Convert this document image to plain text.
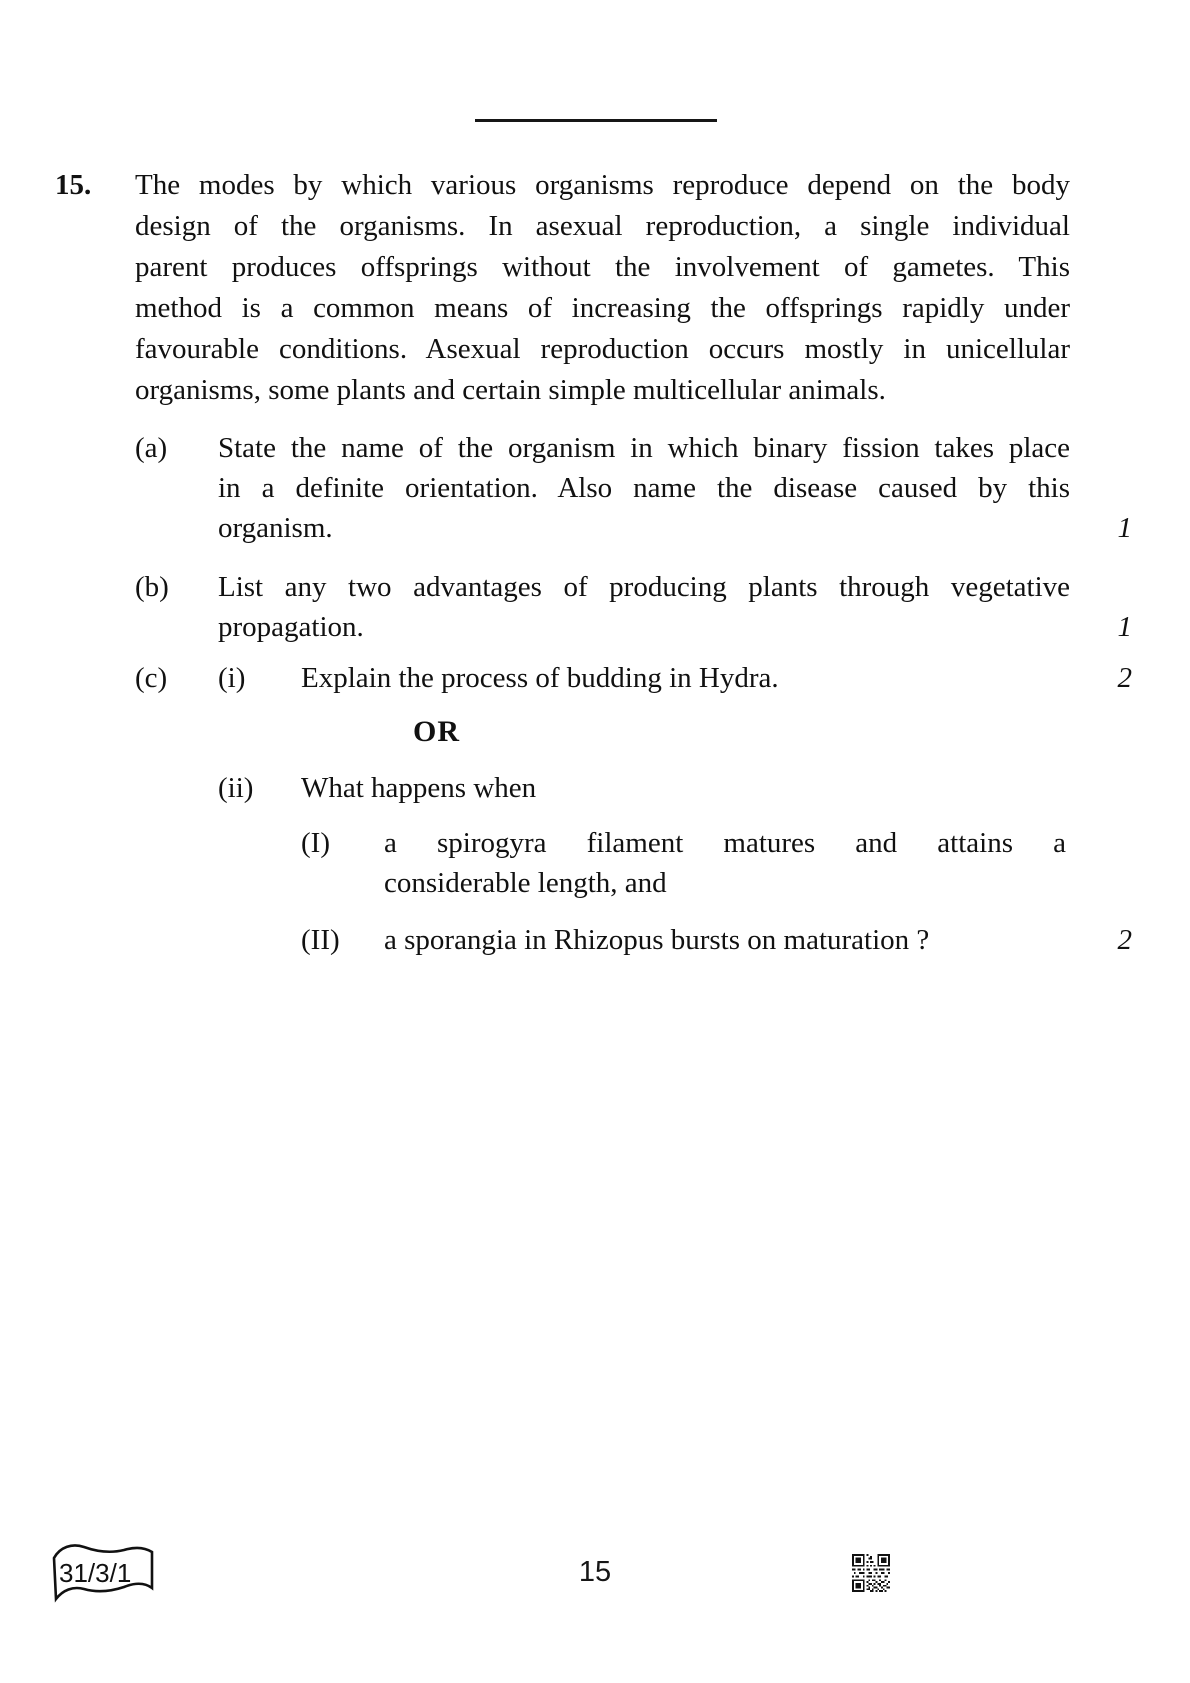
15. The modes by which various organisms reproduce depend on the body
design of the organisms. In asexual reproduction, a single individual
parent produces offsprings without the involvement of gametes. This
method is a common means of increasing the offsprings rapidly under
favourable conditions. Asexual reproduction occurs mostly in unicellular
organisms, some plants and certain simple multicellular animals.
(a) State the name of the organism in which binary fission takes place
in a definite orientation. Also name the disease caused by this
organism.	1
(b) List any two advantages of producing plants through vegetative
propagation.	1
(c) (i) Explain the process of budding in Hydra.	2
OR
(ii) What happens when
(I) a spirogyra filament matures and attains a
considerable length, and
(II) a sporangia in Rhizopus bursts on maturation ?	2
31/3/1	15
